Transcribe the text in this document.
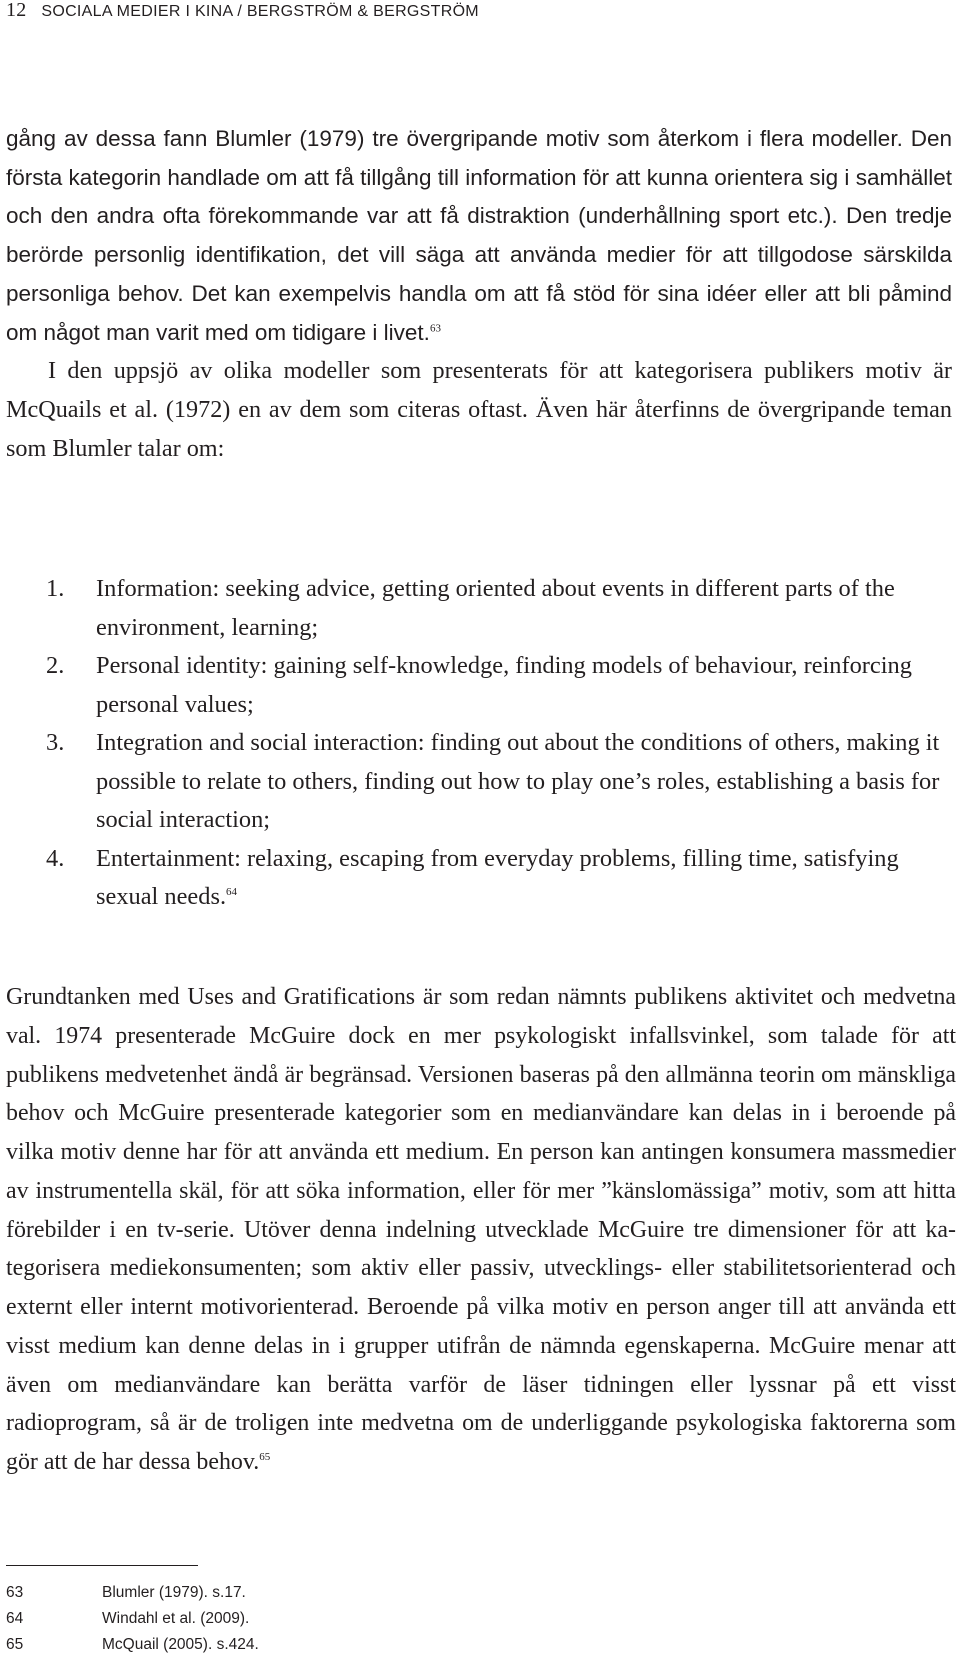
12 SOCIALA MEDIER I KINA / BERGSTRÖM & BERGSTRÖM

gång av dessa fann Blumler (1979) tre övergripande motiv som återkom i flera modeller. Den första kategorin handlade om att få tillgång till information för att kunna orientera sig i samhället och den andra ofta förekommande var att få distraktion (underhållning sport etc.). Den tredje berörde personlig identifikation, det vill säga att använda medier för att tillgodose särskilda personliga behov. Det kan exempelvis handla om att få stöd för sina idéer eller att bli påmind om något man varit med om tidigare i livet.$^{63}$

I den uppsjö av olika modeller som presenterats för att kategorisera publikers motiv är McQuails et al. (1972) en av dem som citeras oftast. Även här återfinns de övergripande teman som Blumler talar om:

1. Information: seeking advice, getting oriented about events in different parts of the environment, learning;
2. Personal identity: gaining self-knowledge, finding models of behaviour, reinforcing personal values;
3. Integration and social interaction: finding out about the conditions of others, making it possible to relate to others, finding out how to play one’s roles, establishing a basis for social interaction;
4. Entertainment: relaxing, escaping from everyday problems, filling time, satisfying sexual needs.$^{64}$

Grundtanken med Uses and Gratifications är som redan nämnts publikens aktivitet och medvetna val. 1974 presenterade McGuire dock en mer psykologiskt infallsvinkel, som talade för att publikens medvetenhet ändå är begränsad. Versionen baseras på den allmänna teorin om mänskliga behov och McGuire presenterade kategorier som en medianvändare kan delas in i beroende på vilka motiv denne har för att använda ett medium. En person kan antingen konsumera massmedier av instrumentella skäl, för att söka information, eller för mer ”känslomässiga” motiv, som att hitta förebilder i en tv-serie. Utöver denna indelning utvecklade McGuire tre dimensioner för att kategorisera mediekonsumenten; som aktiv eller passiv, utvecklings- eller stabilitetsorienterad och externt eller internt motivorienterad. Beroende på vilka motiv en person anger till att använda ett visst medium kan denne delas in i grupper utifrån de nämnda egenskaperna. McGuire menar att även om medianvändare kan berätta varför de läser tidningen eller lyssnar på ett visst radioprogram, så är de troligen inte medvetna om de underliggande psykologiska faktorerna som gör att de har dessa behov.$^{65}$

63	Blumler (1979). s.17.
64	Windahl et al. (2009).
65	McQuail (2005). s.424.
